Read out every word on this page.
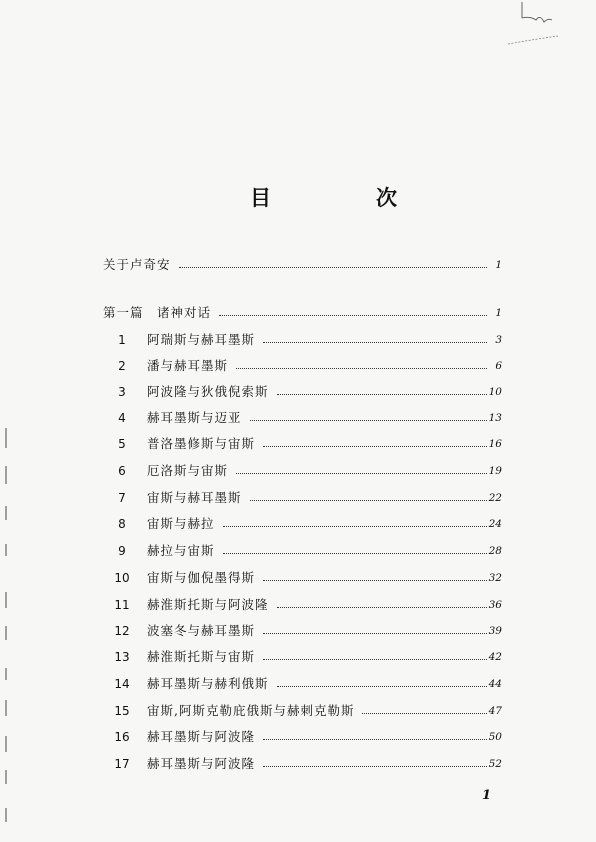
目　次
关于卢奇安	1
第一篇　诸神对话	1
1	阿瑞斯与赫耳墨斯	3
2	潘与赫耳墨斯	6
3	阿波隆与狄俄倪索斯	10
4	赫耳墨斯与迈亚	13
5	普洛墨修斯与宙斯	16
6	厄洛斯与宙斯	19
7	宙斯与赫耳墨斯	22
8	宙斯与赫拉	24
9	赫拉与宙斯	28
10	宙斯与伽倪墨得斯	32
11	赫淮斯托斯与阿波隆	36
12	波塞冬与赫耳墨斯	39
13	赫淮斯托斯与宙斯	42
14	赫耳墨斯与赫利俄斯	44
15	宙斯,阿斯克勒庇俄斯与赫刺克勒斯	47
16	赫耳墨斯与阿波隆	50
17	赫耳墨斯与阿波隆	52
1
